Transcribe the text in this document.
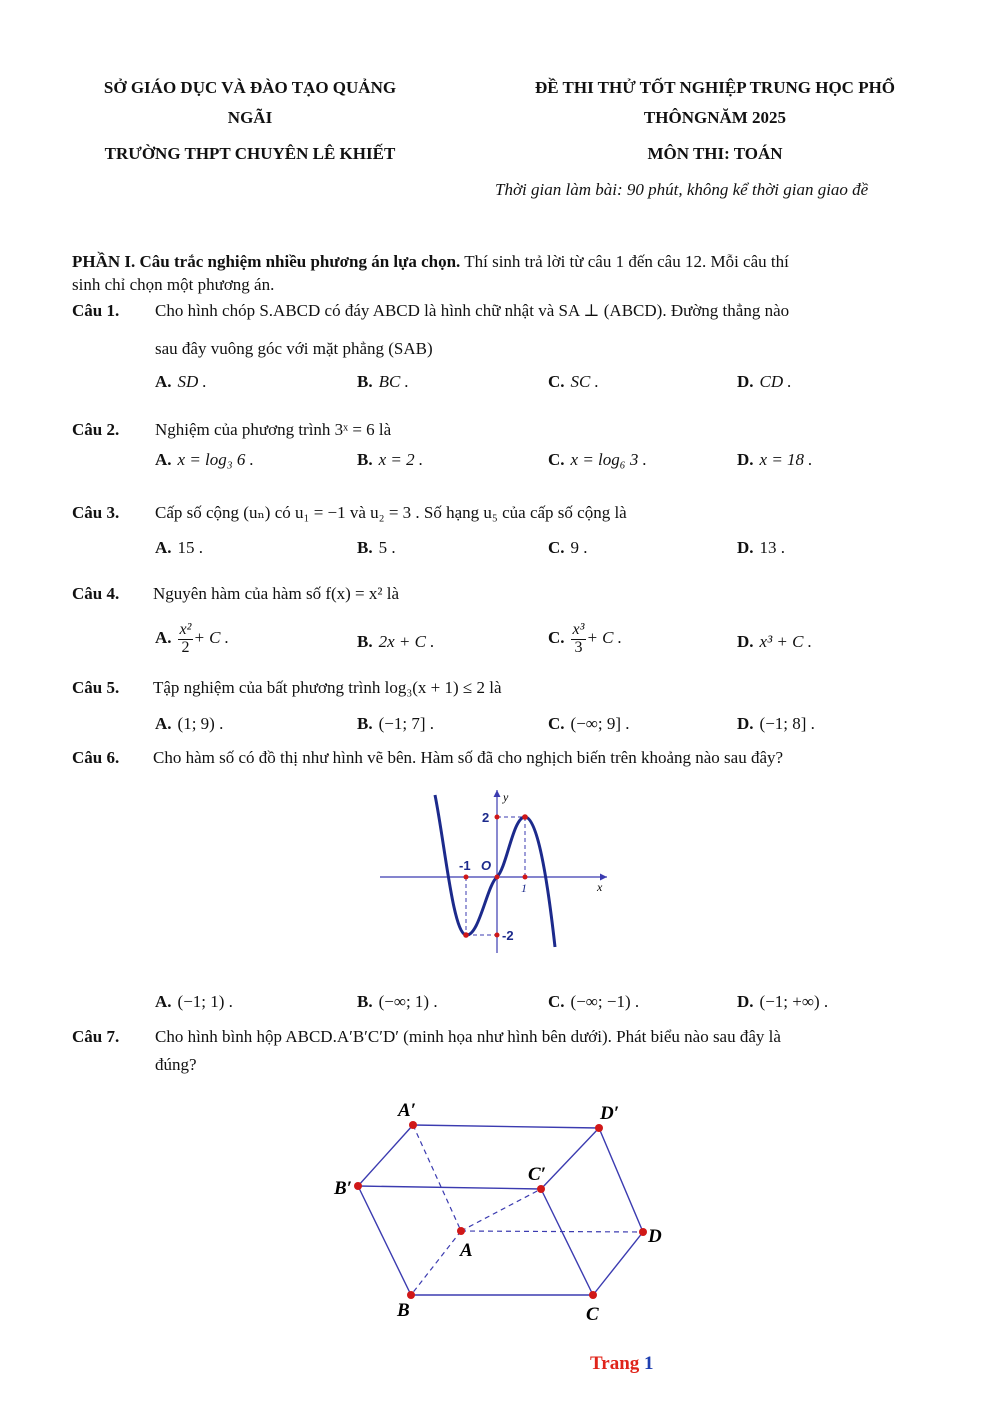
SỞ GIÁO DỤC VÀ ĐÀO TẠO QUẢNG
NGÃI
TRƯỜNG THPT CHUYÊN LÊ KHIẾT
ĐỀ THI THỬ TỐT NGHIỆP TRUNG HỌC PHỔ
THÔNGNĂM 2025
MÔN THI: TOÁN
Thời gian làm bài: 90 phút, không kể thời gian giao đề
PHẦN I. Câu trắc nghiệm nhiều phương án lựa chọn. Thí sinh trả lời từ câu 1 đến câu 12. Mỗi câu thí
sinh chỉ chọn một phương án.
Câu 1. Cho hình chóp S.ABCD có đáy ABCD là hình chữ nhật và SA ⊥ (ABCD). Đường thẳng nào
sau đây vuông góc với mặt phẳng (SAB)
A. SD .	B. BC .	C. SC .	D. CD .
Câu 2. Nghiệm của phương trình 3ˣ = 6 là
A. x = log₃ 6 .	B. x = 2 .	C. x = log₆ 3 .	D. x = 18 .
Câu 3. Cấp số cộng (uₙ) có u₁ = −1 và u₂ = 3 . Số hạng u₅ của cấp số cộng là
A. 15 .	B. 5 .	C. 9 .	D. 13 .
Câu 4. Nguyên hàm của hàm số f(x) = x² là
A. $\frac{\text{x²}}{2} + C$ .	B. 2x + C .	C. $\frac{\text{x³}}{3} + C$ .	D. x³ + C .
Câu 5. Tập nghiệm của bất phương trình log₃(x + 1) ≤ 2 là
A. (1; 9) .	B. (−1; 7] .	C. (−∞; 9] .	D. (−1; 8] .
Câu 6. Cho hàm số có đồ thị như hình vẽ bên. Hàm số đã cho nghịch biến trên khoảng nào sau đây?
y
x
O
2
-2
-1
1
A. (−1; 1) .	B. (−∞; 1) .	C. (−∞; −1) .	D. (−1; +∞) .
Câu 7. Cho hình bình hộp ABCD.A′B′C′D′ (minh họa như hình bên dưới). Phát biểu nào sau đây là
đúng?
A′	D′
B′
C′
A
D
B	C
Trang 1
